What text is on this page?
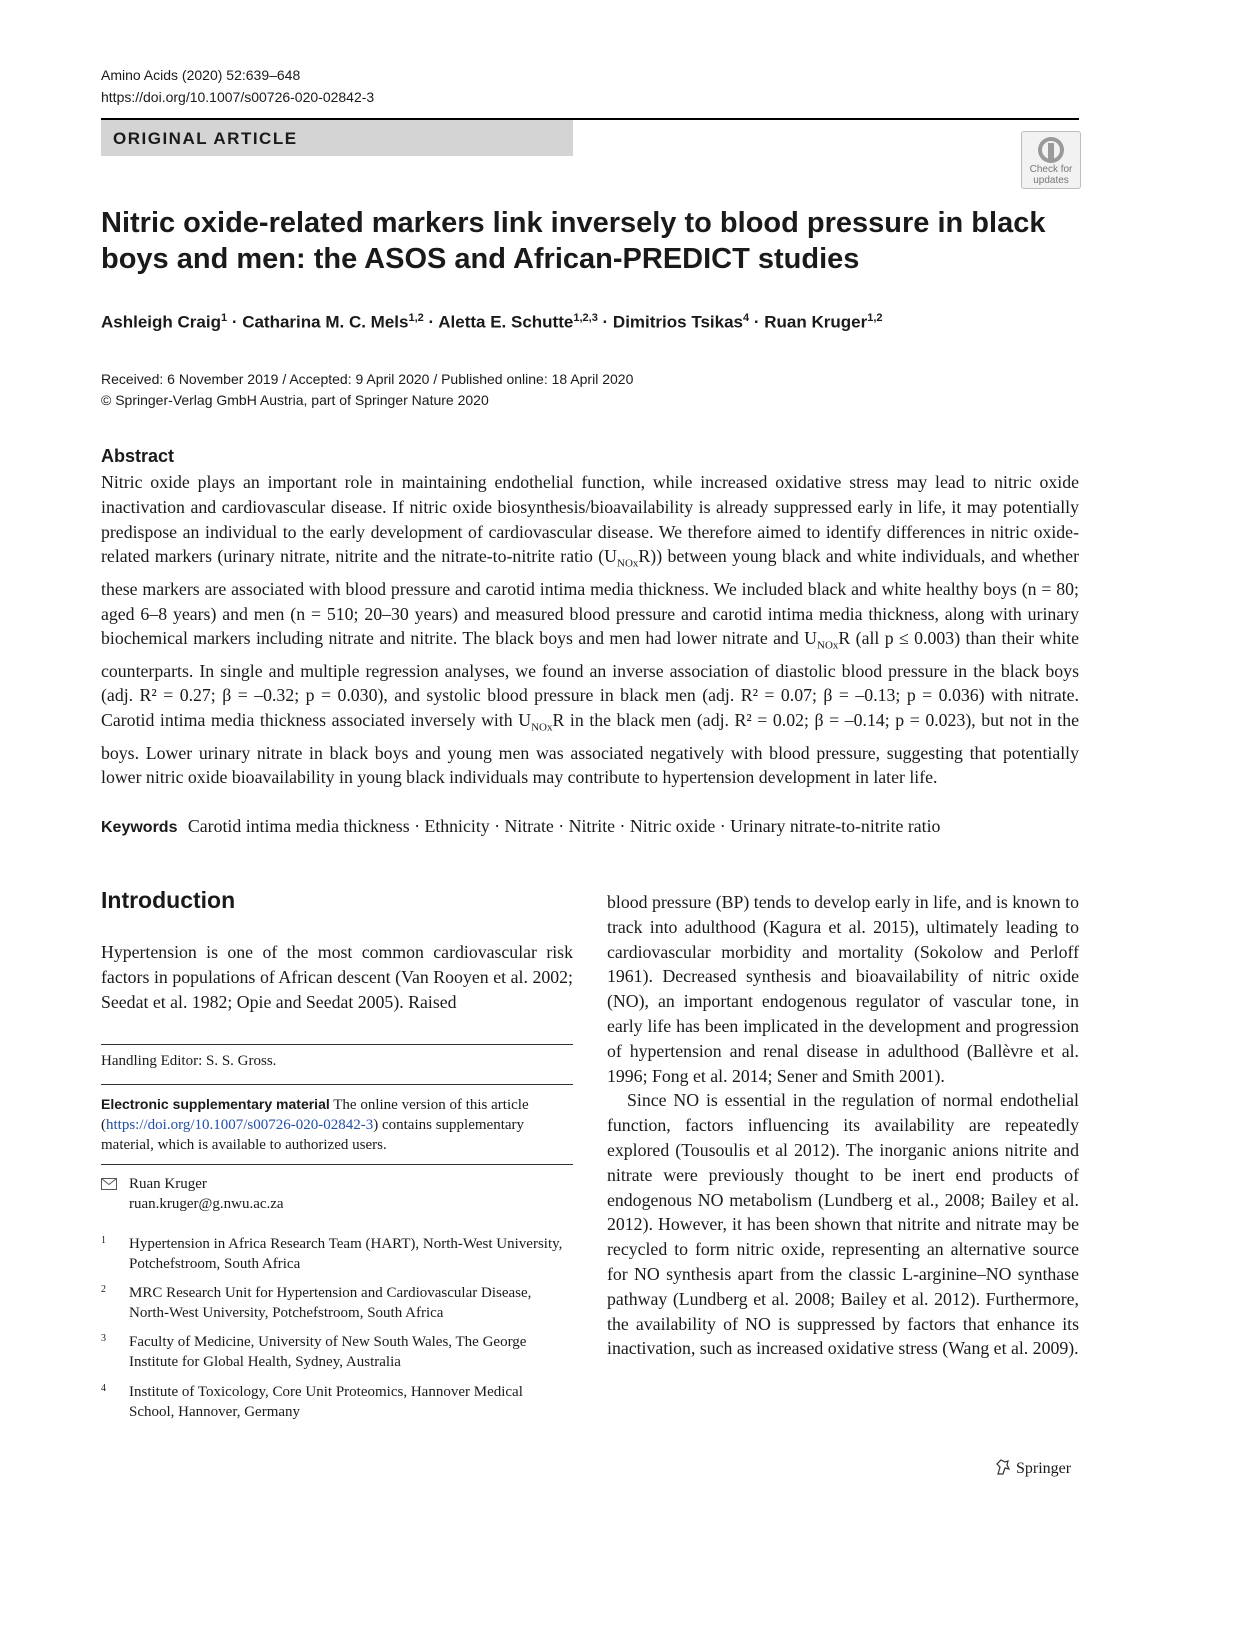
Amino Acids (2020) 52:639–648
https://doi.org/10.1007/s00726-020-02842-3
ORIGINAL ARTICLE
Check for
updates
Nitric oxide-related markers link inversely to blood pressure in black boys and men: the ASOS and African-PREDICT studies
Ashleigh Craig$^1$ · Catharina M. C. Mels$^{1,2}$ · Aletta E. Schutte$^{1,2,3}$ · Dimitrios Tsikas$^4$ · Ruan Kruger$^{1,2}$
Received: 6 November 2019 / Accepted: 9 April 2020 / Published online: 18 April 2020
© Springer-Verlag GmbH Austria, part of Springer Nature 2020
Abstract
Nitric oxide plays an important role in maintaining endothelial function, while increased oxidative stress may lead to nitric oxide inactivation and cardiovascular disease. If nitric oxide biosynthesis/bioavailability is already suppressed early in life, it may potentially predispose an individual to the early development of cardiovascular disease. We therefore aimed to identify differences in nitric oxide-related markers (urinary nitrate, nitrite and the nitrate-to-nitrite ratio $(U_{NOx}R)$) between young black and white individuals, and whether these markers are associated with blood pressure and carotid intima media thickness. We included black and white healthy boys (n = 80; aged 6–8 years) and men (n = 510; 20–30 years) and measured blood pressure and carotid intima media thickness, along with urinary biochemical markers including nitrate and nitrite. The black boys and men had lower nitrate and $U_{NOx}R$ (all p ≤ 0.003) than their white counterparts. In single and multiple regression analyses, we found an inverse association of diastolic blood pressure in the black boys (adj. R² = 0.27; β = –0.32; p = 0.030), and systolic blood pressure in black men (adj. R² = 0.07; β = –0.13; p = 0.036) with nitrate. Carotid intima media thickness associated inversely with $U_{NOx}R$ in the black men (adj. R² = 0.02; β = –0.14; p = 0.023), but not in the boys. Lower urinary nitrate in black boys and young men was associated negatively with blood pressure, suggesting that potentially lower nitric oxide bioavailability in young black individuals may contribute to hypertension development in later life.
Keywords Carotid intima media thickness · Ethnicity · Nitrate · Nitrite · Nitric oxide · Urinary nitrate-to-nitrite ratio
Introduction
Hypertension is one of the most common cardiovascular risk factors in populations of African descent (Van Rooyen et al. 2002; Seedat et al. 1982; Opie and Seedat 2005). Raised

blood pressure (BP) tends to develop early in life, and is known to track into adulthood (Kagura et al. 2015), ultimately leading to cardiovascular morbidity and mortality (Sokolow and Perloff 1961). Decreased synthesis and bioavailability of nitric oxide (NO), an important endogenous regulator of vascular tone, in early life has been implicated in the development and progression of hypertension and renal disease in adulthood (Ballèvre et al. 1996; Fong et al. 2014; Sener and Smith 2001).

Since NO is essential in the regulation of normal endothelial function, factors influencing its availability are repeatedly explored (Tousoulis et al 2012). The inorganic anions nitrite and nitrate were previously thought to be inert end products of endogenous NO metabolism (Lundberg et al., 2008; Bailey et al. 2012). However, it has been shown that nitrite and nitrate may be recycled to form nitric oxide, representing an alternative source for NO synthesis apart from the classic L-arginine–NO synthase pathway (Lundberg et al. 2008; Bailey et al. 2012). Furthermore, the availability of NO is suppressed by factors that enhance its inactivation, such as increased oxidative stress (Wang et al. 2009).

Handling Editor: S. S. Gross.
Electronic supplementary material The online version of this article (https://doi.org/10.1007/s00726-020-02842-3) contains supplementary material, which is available to authorized users.
Ruan Kruger
ruan.kruger@g.nwu.ac.za
1 Hypertension in Africa Research Team (HART), North-West University, Potchefstroom, South Africa
2 MRC Research Unit for Hypertension and Cardiovascular Disease, North-West University, Potchefstroom, South Africa
3 Faculty of Medicine, University of New South Wales, The George Institute for Global Health, Sydney, Australia
4 Institute of Toxicology, Core Unit Proteomics, Hannover Medical School, Hannover, Germany
Springer
